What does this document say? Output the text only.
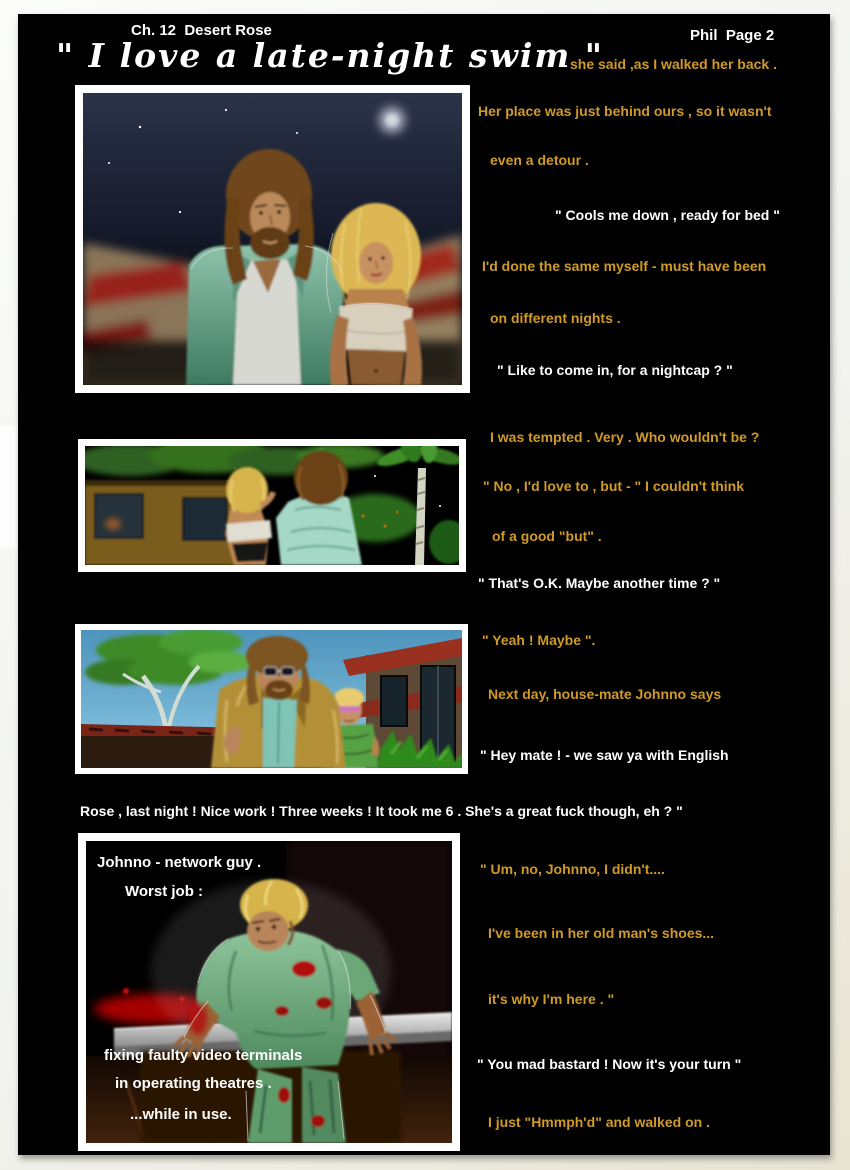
Ch. 12  Desert Rose	Phil  Page 2
" I love a late-night swim "
Johnno - network guy .
Worst job :
fixing faulty video terminals
in operating theatres .
...while in use.
she said ,as I walked her back .
Her place was just behind ours , so it wasn't
even a detour .
" Cools me down , ready for bed "
I'd done the same myself - must have been
on different nights .
" Like to come in, for a nightcap ? "
I was tempted . Very . Who wouldn't be ?
" No , I'd love to , but - " I couldn't think
of a good "but" .
" That's O.K. Maybe another time ? "
" Yeah ! Maybe ".
Next day, house-mate Johnno says
" Hey mate ! - we saw ya with English
Rose , last night ! Nice work ! Three weeks ! It took me 6 . She's a great fuck though, eh ? "
" Um, no, Johnno, I didn't....
I've been in her old man's shoes...
it's why I'm here . "
" You mad bastard ! Now it's your turn "
I just "Hmmph'd" and walked on .
